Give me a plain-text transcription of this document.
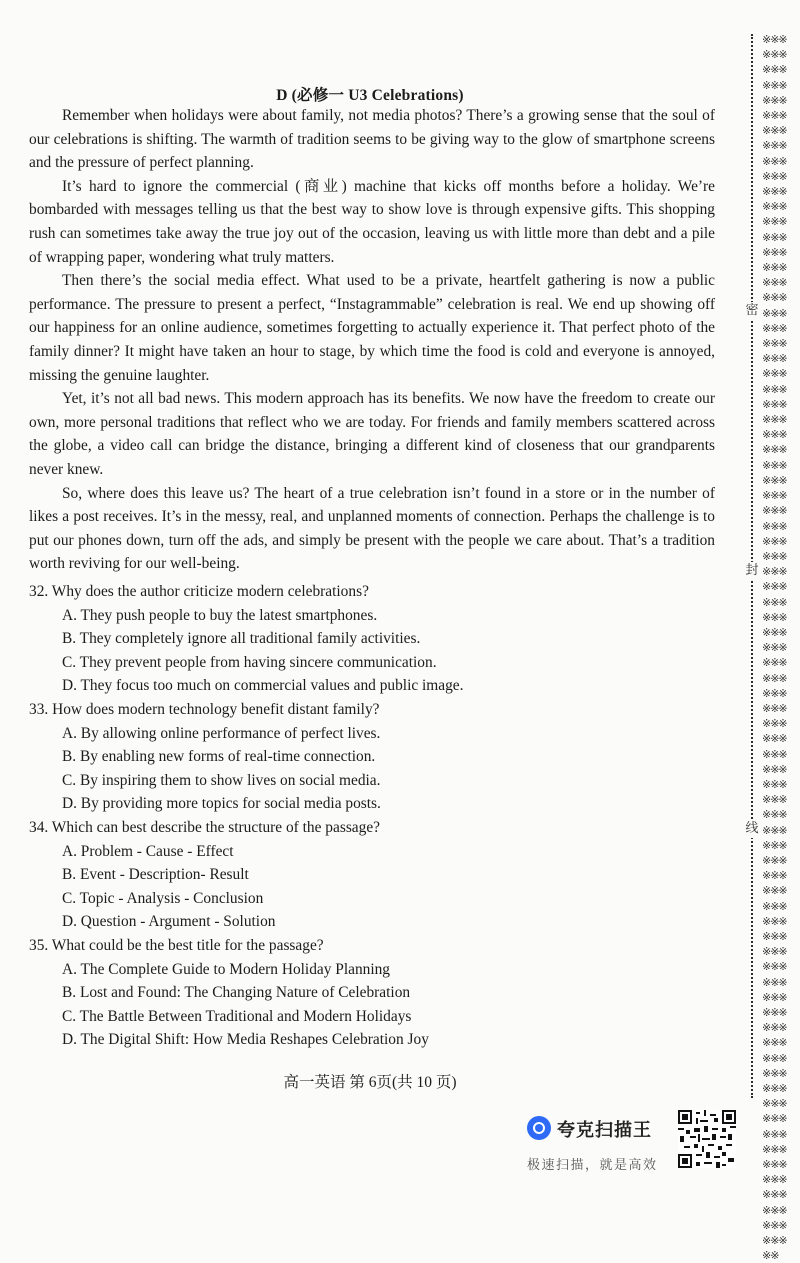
D (必修一 U3 Celebrations)

Remember when holidays were about family, not media photos? There’s a growing sense that the soul of our celebrations is shifting. The warmth of tradition seems to be giving way to the glow of smartphone screens and the pressure of perfect planning.

It’s hard to ignore the commercial (商业) machine that kicks off months before a holiday. We’re bombarded with messages telling us that the best way to show love is through expensive gifts. This shopping rush can sometimes take away the true joy out of the occasion, leaving us with little more than debt and a pile of wrapping paper, wondering what truly matters.

Then there’s the social media effect. What used to be a private, heartfelt gathering is now a public performance. The pressure to present a perfect, “Instagrammable” celebration is real. We end up showing off our happiness for an online audience, sometimes forgetting to actually experience it. That perfect photo of the family dinner? It might have taken an hour to stage, by which time the food is cold and everyone is annoyed, missing the genuine laughter.

Yet, it’s not all bad news. This modern approach has its benefits. We now have the freedom to create our own, more personal traditions that reflect who we are today. For friends and family members scattered across the globe, a video call can bridge the distance, bringing a different kind of closeness that our grandparents never knew.

So, where does this leave us? The heart of a true celebration isn’t found in a store or in the number of likes a post receives. It’s in the messy, real, and unplanned moments of connection. Perhaps the challenge is to put our phones down, turn off the ads, and simply be present with the people we care about. That’s a tradition worth reviving for our well-being.

32. Why does the author criticize modern celebrations?
A. They push people to buy the latest smartphones.
B. They completely ignore all traditional family activities.
C. They prevent people from having sincere communication.
D. They focus too much on commercial values and public image.
33. How does modern technology benefit distant family?
A. By allowing online performance of perfect lives.
B. By enabling new forms of real-time connection.
C. By inspiring them to show lives on social media.
D. By providing more topics for social media posts.
34. Which can best describe the structure of the passage?
A. Problem - Cause - Effect
B. Event - Description- Result
C. Topic - Analysis - Conclusion
D. Question - Argument - Solution
35. What could be the best title for the passage?
A. The Complete Guide to Modern Holiday Planning
B. Lost and Found: The Changing Nature of Celebration
C. The Battle Between Traditional and Modern Holidays
D. The Digital Shift: How Media Reshapes Celebration Joy
高一英语 第 6页(共 10 页)
※※※※※※※※※※※※※※※※※※※※※※※※※※※※※※※※※※※※※※※※※※※※※※※※※※※※※※※※※※※※※※※※※※※※※※※※※※※※※※※※※※※※※※※※※※※※※※※※※※※※※※※※※※※※※※※※※※※※※※※※※※※※※※※※※※※※※※※※※※※※※※※※※※※※※※※※※※※※※※※※※※※※※※※※※※※※※※※※※※※※※※※※※※※※※※※※※※※※※※※※※※※※※※※※※※※※※※※※※※※※※※※※※※※※※※※※※※※※※※※※※※
密
封
线
夸克扫描王
极速扫描，就是高效
